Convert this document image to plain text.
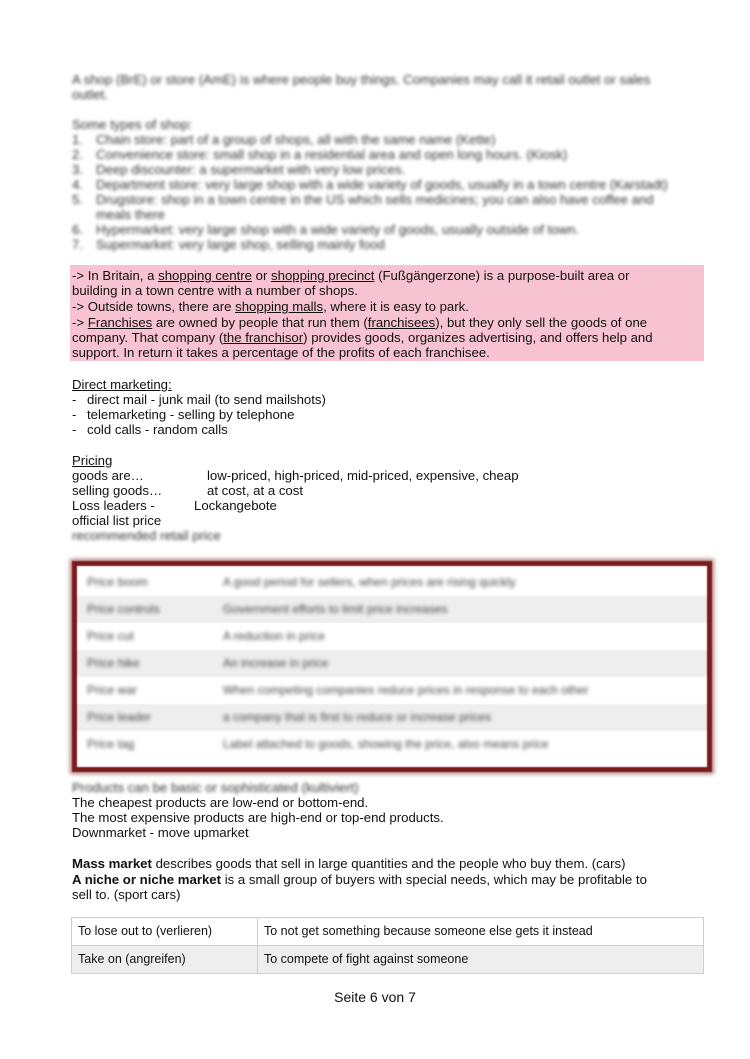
A shop (BrE) or store (AmE) is where people buy things. Companies may call it retail outlet or sales
outlet.
Some types of shop:
1. Chain store: part of a group of shops, all with the same name (Kette)
2. Convenience store: small shop in a residential area and open long hours. (Kiosk)
3. Deep discounter: a supermarket with very low prices.
4. Department store: very large shop with a wide variety of goods, usually in a town centre (Karstadt)
5. Drugstore: shop in a town centre in the US which sells medicines; you can also have coffee and
meals there
6. Hypermarket: very large shop with a wide variety of goods, usually outside of town.
7. Supermarket: very large shop, selling mainly food
-> In Britain, a shopping centre or shopping precinct (Fußgängerzone) is a purpose-built area or
building in a town centre with a number of shops.
-> Outside towns, there are shopping malls, where it is easy to park.
-> Franchises are owned by people that run them (franchisees), but they only sell the goods of one
company. That company (the franchisor) provides goods, organizes advertising, and offers help and
support. In return it takes a percentage of the profits of each franchisee.
Direct marketing:
- direct mail - junk mail (to send mailshots)
- telemarketing - selling by telephone
- cold calls - random calls
Pricing
goods are…	low-priced, high-priced, mid-priced, expensive, cheap
selling goods…	at cost, at a cost
Loss leaders -	Lockangebote
official list price
recommended retail price
Price boom	A good period for sellers, when prices are rising quickly
Price controls	Government efforts to limit price increases
Price cut	A reduction in price
Price hike	An increase in price
Price war	When competing companies reduce prices in response to each other
Price leader	a company that is first to reduce or increase prices
Price tag	Label attached to goods, showing the price, also means price
Products can be basic or sophisticated (kultiviert)
The cheapest products are low-end or bottom-end.
The most expensive products are high-end or top-end products.
Downmarket - move upmarket
Mass market describes goods that sell in large quantities and the people who buy them. (cars)
A niche or niche market is a small group of buyers with special needs, which may be profitable to
sell to. (sport cars)
To lose out to (verlieren)	To not get something because someone else gets it instead
Take on (angreifen)	To compete of fight against someone
Seite 6 von 7
